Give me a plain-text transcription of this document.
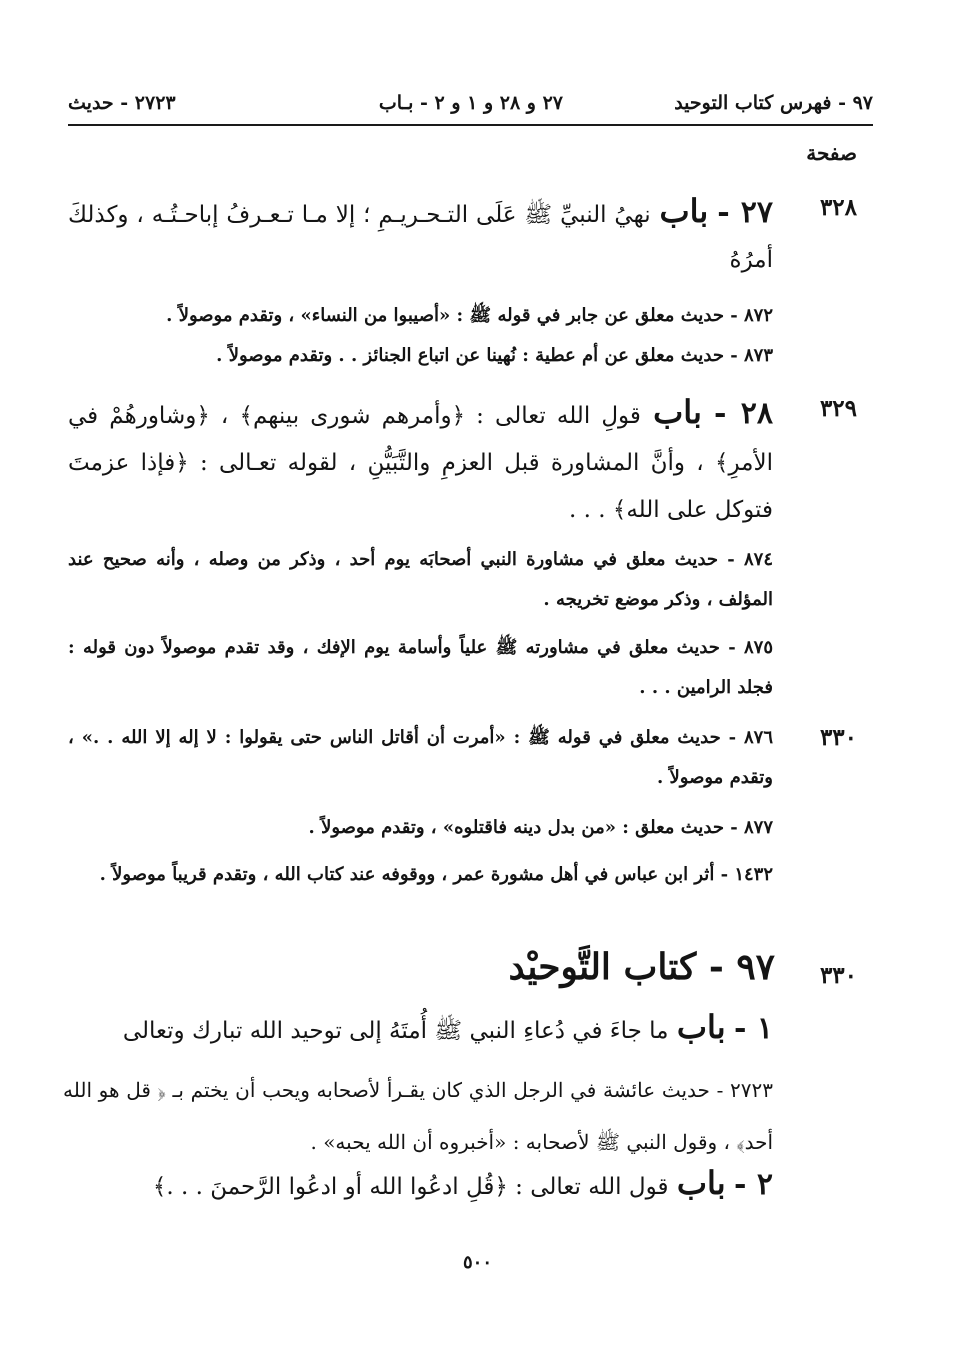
٩٧ - فهرس كتاب التوحيد
٢٧ و ٢٨ و ١ و ٢ - بـاب
٢٧٢٣ - حديث
صفحة
٣٢٨
٢٧ - باب نهيُ النبيِّ ﷺ عَلَى التـحـريـمِ ؛ إلا مـا تـعـرفُ إباحـتُـه ، وكذلكَ أمرُهُ
٨٧٢ - حديث معلق عن جابر في قوله ﷺ : «أصيبوا من النساء» ، وتقدم موصولاً .
٨٧٣ - حديث معلق عن أم عطية : نُهينا عن اتباع الجنائز . . وتقدم موصولاً .
٣٢٩
٢٨ - باب قولِ الله تعالى : ﴿وأمرهم شورى بينهم﴾ ، ﴿وشاورهُمْ في الأمرِ﴾ ، وأنَّ المشاورة قبل العزمِ والتَّبَيُّنِ ، لقوله تعـالى : ﴿فإذا عزمتَ فتوكل على الله﴾ . . .
٨٧٤ - حديث معلق في مشاورة النبي أصحابَه يوم أحد ، وذكر من وصله ، وأنه صحيح عند المؤلف ، وذكر موضع تخريجه .
٨٧٥ - حديث معلق في مشاورته ﷺ علياً وأسامة يوم الإفك ، وقد تقدم موصولاً دون قوله : فجلد الرامين . . .
٣٣٠
٨٧٦ - حديث معلق في قوله ﷺ : «أمرت أن أقاتل الناس حتى يقولوا : لا إله إلا الله . .» ، وتقدم موصولاً .
٨٧٧ - حديث معلق : «من بدل دينه فاقتلوه» ، وتقدم موصولاً .
١٤٣٢ - أثر ابن عباس في أهل مشورة عمر ، ووقوفه عند كتاب الله ، وتقدم قريباً موصولاً .
٣٣٠
٩٧ - كتاب التَّوحيْد
١ - باب ما جاءَ في دُعاءِ النبي ﷺ أُمتَهُ إلى توحيد الله تبارك وتعالى
٢٧٢٣ - حديث عائشة في الرجل الذي كان يقـرأ لأصحابه ويحب أن يختم بـ ﴿ قل هو الله أحد﴾ ، وقول النبي ﷺ لأصحابه : «أخبروه أن الله يحبه» .
٢ - باب قول الله تعالى : ﴿قُلِ ادعُوا الله أو ادعُوا الرَّحمنَ . . .﴾
٥٠٠
